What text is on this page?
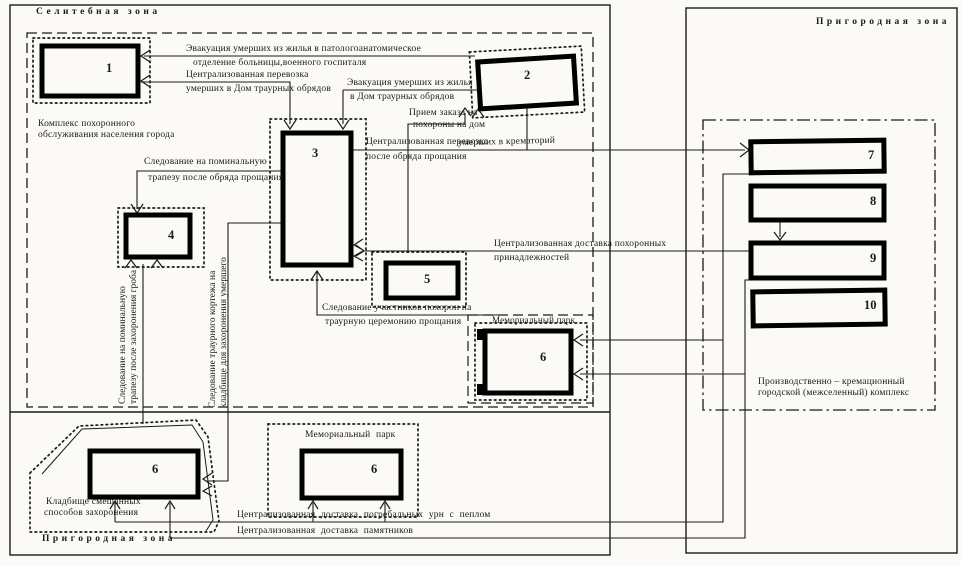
Селитебная зона
Пригородная зона
Пригородная зона
Комплекс похоронного
обслуживания населения города
Мемориальный парк
Мемориальный парк
Кладбище смешанных
способов захоронения
Производственно – кремационный
городской (межселенный) комплекс
1	2
3
4
5
6
6	6
7
8
9
10
Эвакуация умерших из жилья в патологоанатомическое
отделение больницы,военного госпиталя
Централизованная перевозка
умерших в Дом траурных обрядов
Эвакуация умерших из жилья
в Дом траурных обрядов
Прием заказа на
похороны на дом
Централизованная перевозка
умерших в крематорий
после обряда прощания
Следование на поминальную
трапезу после обряда прощания
Централизованная доставка похоронных
принадлежностей
Следование участников похорон на
траурную церемонию прощания
Следование на поминальную трапезу после захоронения гроба	Следование траурного кортежа на кладбище для захоронения умершего
Централизованная доставка погребальных урн с пеплом
Централизованная доставка памятников
